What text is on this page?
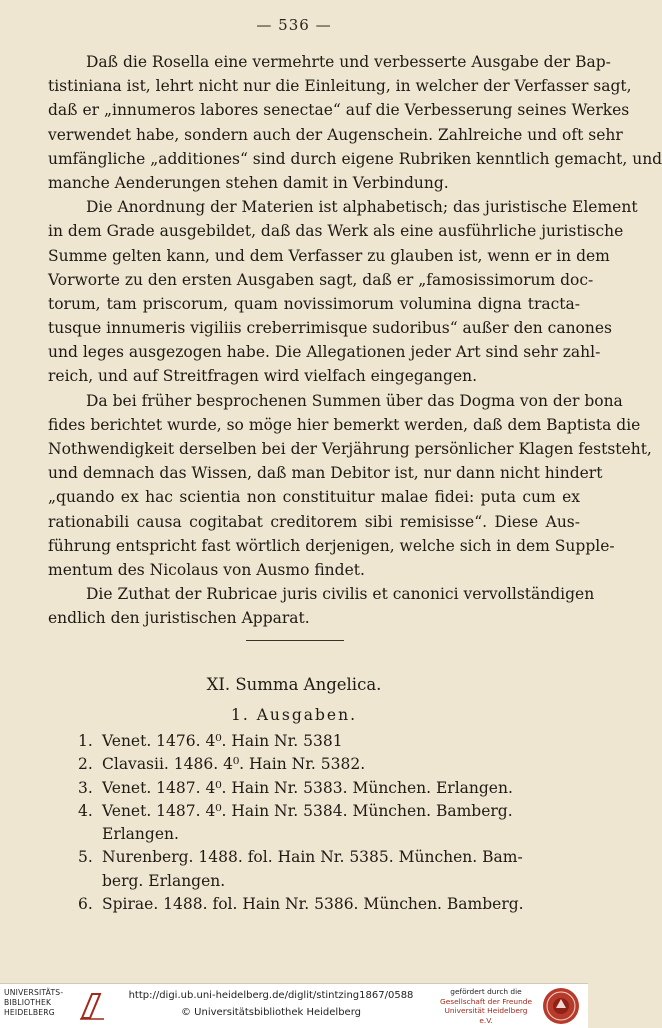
— 536 —
Daß die Rosella eine vermehrte und verbesserte Ausgabe der Bap-
tistiniana ist, lehrt nicht nur die Einleitung, in welcher der Verfasser sagt,
daß er „innumeros labores senectae“ auf die Verbesserung seines Werkes
verwendet habe, sondern auch der Augenschein. Zahlreiche und oft sehr
umfängliche „additiones“ sind durch eigene Rubriken kenntlich gemacht, und
manche Aenderungen stehen damit in Verbindung.
Die Anordnung der Materien ist alphabetisch; das juristische Element
in dem Grade ausgebildet, daß das Werk als eine ausführliche juristische
Summe gelten kann, und dem Verfasser zu glauben ist, wenn er in dem
Vorworte zu den ersten Ausgaben sagt, daß er „famosissimorum doc-
torum, tam priscorum, quam novissimorum volumina digna tracta-
tusque innumeris vigiliis creberrimisque sudoribus“ außer den canones
und leges ausgezogen habe. Die Allegationen jeder Art sind sehr zahl-
reich, und auf Streitfragen wird vielfach eingegangen.
Da bei früher besprochenen Summen über das Dogma von der bona
fides berichtet wurde, so möge hier bemerkt werden, daß dem Baptista die
Nothwendigkeit derselben bei der Verjährung persönlicher Klagen feststeht,
und demnach das Wissen, daß man Debitor ist, nur dann nicht hindert
„quando ex hac scientia non constituitur malae fidei: puta cum ex
rationabili causa cogitabat creditorem sibi remisisse“. Diese Aus-
führung entspricht fast wörtlich derjenigen, welche sich in dem Supple-
mentum des Nicolaus von Ausmo findet.
Die Zuthat der Rubricae juris civilis et canonici vervollständigen
endlich den juristischen Apparat.
XI. Summa Angelica.
1. Ausgaben.
1. Venet. 1476. 4⁰. Hain Nr. 5381
2. Clavasii. 1486. 4⁰. Hain Nr. 5382.
3. Venet. 1487. 4⁰. Hain Nr. 5383. München. Erlangen.
4. Venet. 1487. 4⁰. Hain Nr. 5384. München. Bamberg.
Erlangen.
5. Nurenberg. 1488. fol. Hain Nr. 5385. München. Bam-
berg. Erlangen.
6. Spirae. 1488. fol. Hain Nr. 5386. München. Bamberg.
UNIVERSITÄTS-
BIBLIOTHEK
HEIDELBERG
http://digi.ub.uni-heidelberg.de/diglit/stintzing1867/0588
© Universitätsbibliothek Heidelberg
gefördert durch die
Gesellschaft der Freunde
Universität Heidelberg e.V.
